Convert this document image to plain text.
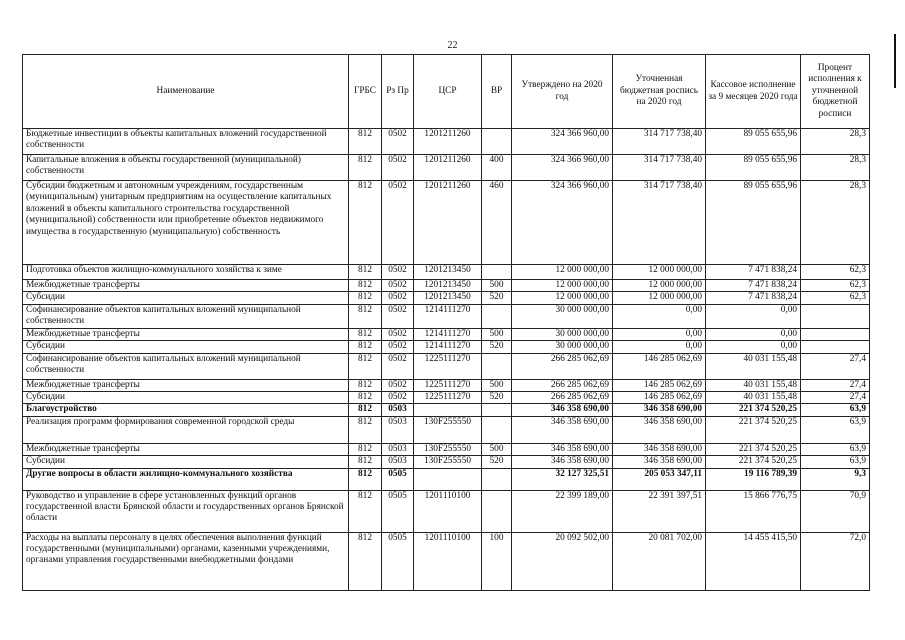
22
Наименование	ГРБС	Рз Пр	ЦСР	ВР	Утверждено на 2020 год	Уточненная бюджетная роспись на 2020 год	Кассовое исполнение за 9 месяцев 2020 года	Процент исполнения к уточненной бюджетной росписи
Бюджетные инвестиции в объекты капитальных вложений государственной собственности	812	0502	1201211260		324 366 960,00	314 717 738,40	89 055 655,96	28,3
Капитальные вложения в объекты государственной (муниципальной) собственности	812	0502	1201211260	400	324 366 960,00	314 717 738,40	89 055 655,96	28,3
Субсидии бюджетным и автономным учреждениям, государственным (муниципальным) унитарным предприятиям на осуществление капитальных вложений в объекты капитального строительства государственной (муниципальной) собственности или приобретение объектов недвижимого имущества в государственную (муниципальную) собственность	812	0502	1201211260	460	324 366 960,00	314 717 738,40	89 055 655,96	28,3
Подготовка объектов жилищно-коммунального хозяйства к зиме	812	0502	1201213450		12 000 000,00	12 000 000,00	7 471 838,24	62,3
Межбюджетные трансферты	812	0502	1201213450	500	12 000 000,00	12 000 000,00	7 471 838,24	62,3
Субсидии	812	0502	1201213450	520	12 000 000,00	12 000 000,00	7 471 838,24	62,3
Софинансирование объектов капитальных вложений муниципальной собственности	812	0502	1214111270		30 000 000,00	0,00	0,00	
Межбюджетные трансферты	812	0502	1214111270	500	30 000 000,00	0,00	0,00	
Субсидии	812	0502	1214111270	520	30 000 000,00	0,00	0,00	
Софинансирование объектов капитальных вложений муниципальной собственности	812	0502	1225111270		266 285 062,69	146 285 062,69	40 031 155,48	27,4
Межбюджетные трансферты	812	0502	1225111270	500	266 285 062,69	146 285 062,69	40 031 155,48	27,4
Субсидии	812	0502	1225111270	520	266 285 062,69	146 285 062,69	40 031 155,48	27,4
Благоустройство	812	0503			346 358 690,00	346 358 690,00	221 374 520,25	63,9
Реализация программ формирования современной городской среды	812	0503	130F255550		346 358 690,00	346 358 690,00	221 374 520,25	63,9
Межбюджетные трансферты	812	0503	130F255550	500	346 358 690,00	346 358 690,00	221 374 520,25	63,9
Субсидии	812	0503	130F255550	520	346 358 690,00	346 358 690,00	221 374 520,25	63,9
Другие вопросы в области жилищно-коммунального хозяйства	812	0505			32 127 325,51	205 053 347,11	19 116 789,39	9,3
Руководство и управление в сфере установленных функций органов государственной власти Брянской области и государственных органов Брянской области	812	0505	1201110100		22 399 189,00	22 391 397,51	15 866 776,75	70,9
Расходы на выплаты персоналу в целях обеспечения выполнения функций государственными (муниципальными) органами, казенными учреждениями, органами управления государственными внебюджетными фондами	812	0505	1201110100	100	20 092 502,00	20 081 702,00	14 455 415,50	72,0
